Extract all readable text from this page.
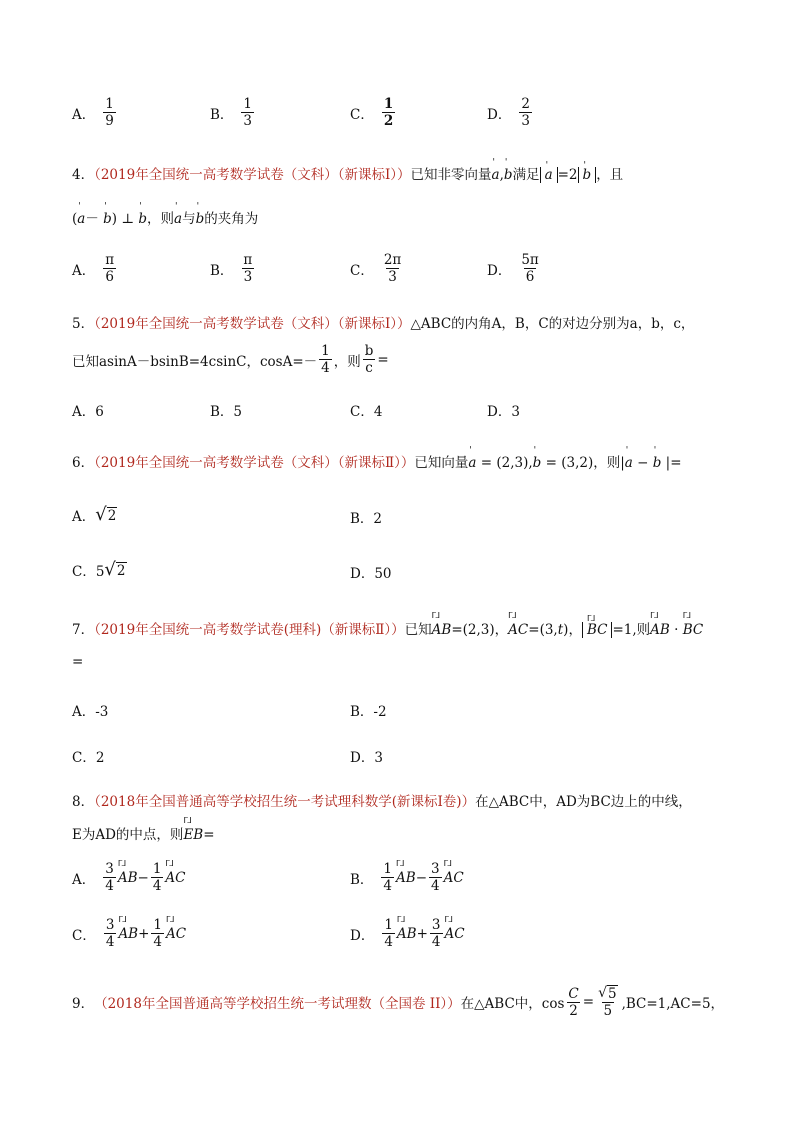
A． $\frac{1}{9}$	B． $\frac{1}{3}$	C． $\frac{1}{2}$	D． $\frac{2}{3}$
4．（2019年全国统一高考数学试卷（文科）（新课标Ⅰ））已知非零向量' a,' b满足 ' a =2 ' b ，且
(' a－ ' b) ⊥ ' b，则' a与' b的夹角为
A． $\frac{\pi}{6}$	B． $\frac{\pi}{3}$	C． $\frac{2\pi}{3}$	D． $\frac{5\pi}{6}$
5．（2019年全国统一高考数学试卷（文科）（新课标Ⅰ））△ABC的内角A，B，C的对边分别为a，b，c，
已知asinA－bsinB=4csinC，$\cos A=- \frac{1}{4}$ ，则 $\frac{b}{c}$ =
A．6	B．5	C．4	D．3
6．（2019年全国统一高考数学试卷（文科）（新课标Ⅱ））已知向量' a = (2,3),' b = (3,2)，则|' a − ' b |=
A． √ 2	B．2
C．5 √ 2	D．50
7．（2019年全国统一高考数学试卷(理科)（新课标Ⅱ））已知ᒥᒧ AB=(2,3)，ᒥᒧ AC=(3,t)， ᒥᒧ BC =1,则ᒥᒧ AB · ᒥᒧ BC
=
A．-3	B．-2
C．2	D．3
8．（2018年全国普通高等学校招生统一考试理科数学(新课标I卷)）在△ABC中，AD为BC边上的中线，
E为AD的中点，则ᒥᒧ EB=
A． $\frac{3}{4}$ ᒥᒧ AB − $\frac{1}{4}$ ᒥᒧ AC	B． $\frac{1}{4}$ ᒥᒧ AB − $\frac{3}{4}$ ᒥᒧ AC
C． $\frac{3}{4}$ ᒥᒧ AB + $\frac{1}{4}$ ᒥᒧ AC	D． $\frac{1}{4}$ ᒥᒧ AB + $\frac{3}{4}$ ᒥᒧ AC
9． （2018年全国普通高等学校招生统一考试理数（全国卷 II）） 在△ABC中，$\cos \frac{C}{2} = \frac{√ 5}{5} ,BC=1,AC=5$，
